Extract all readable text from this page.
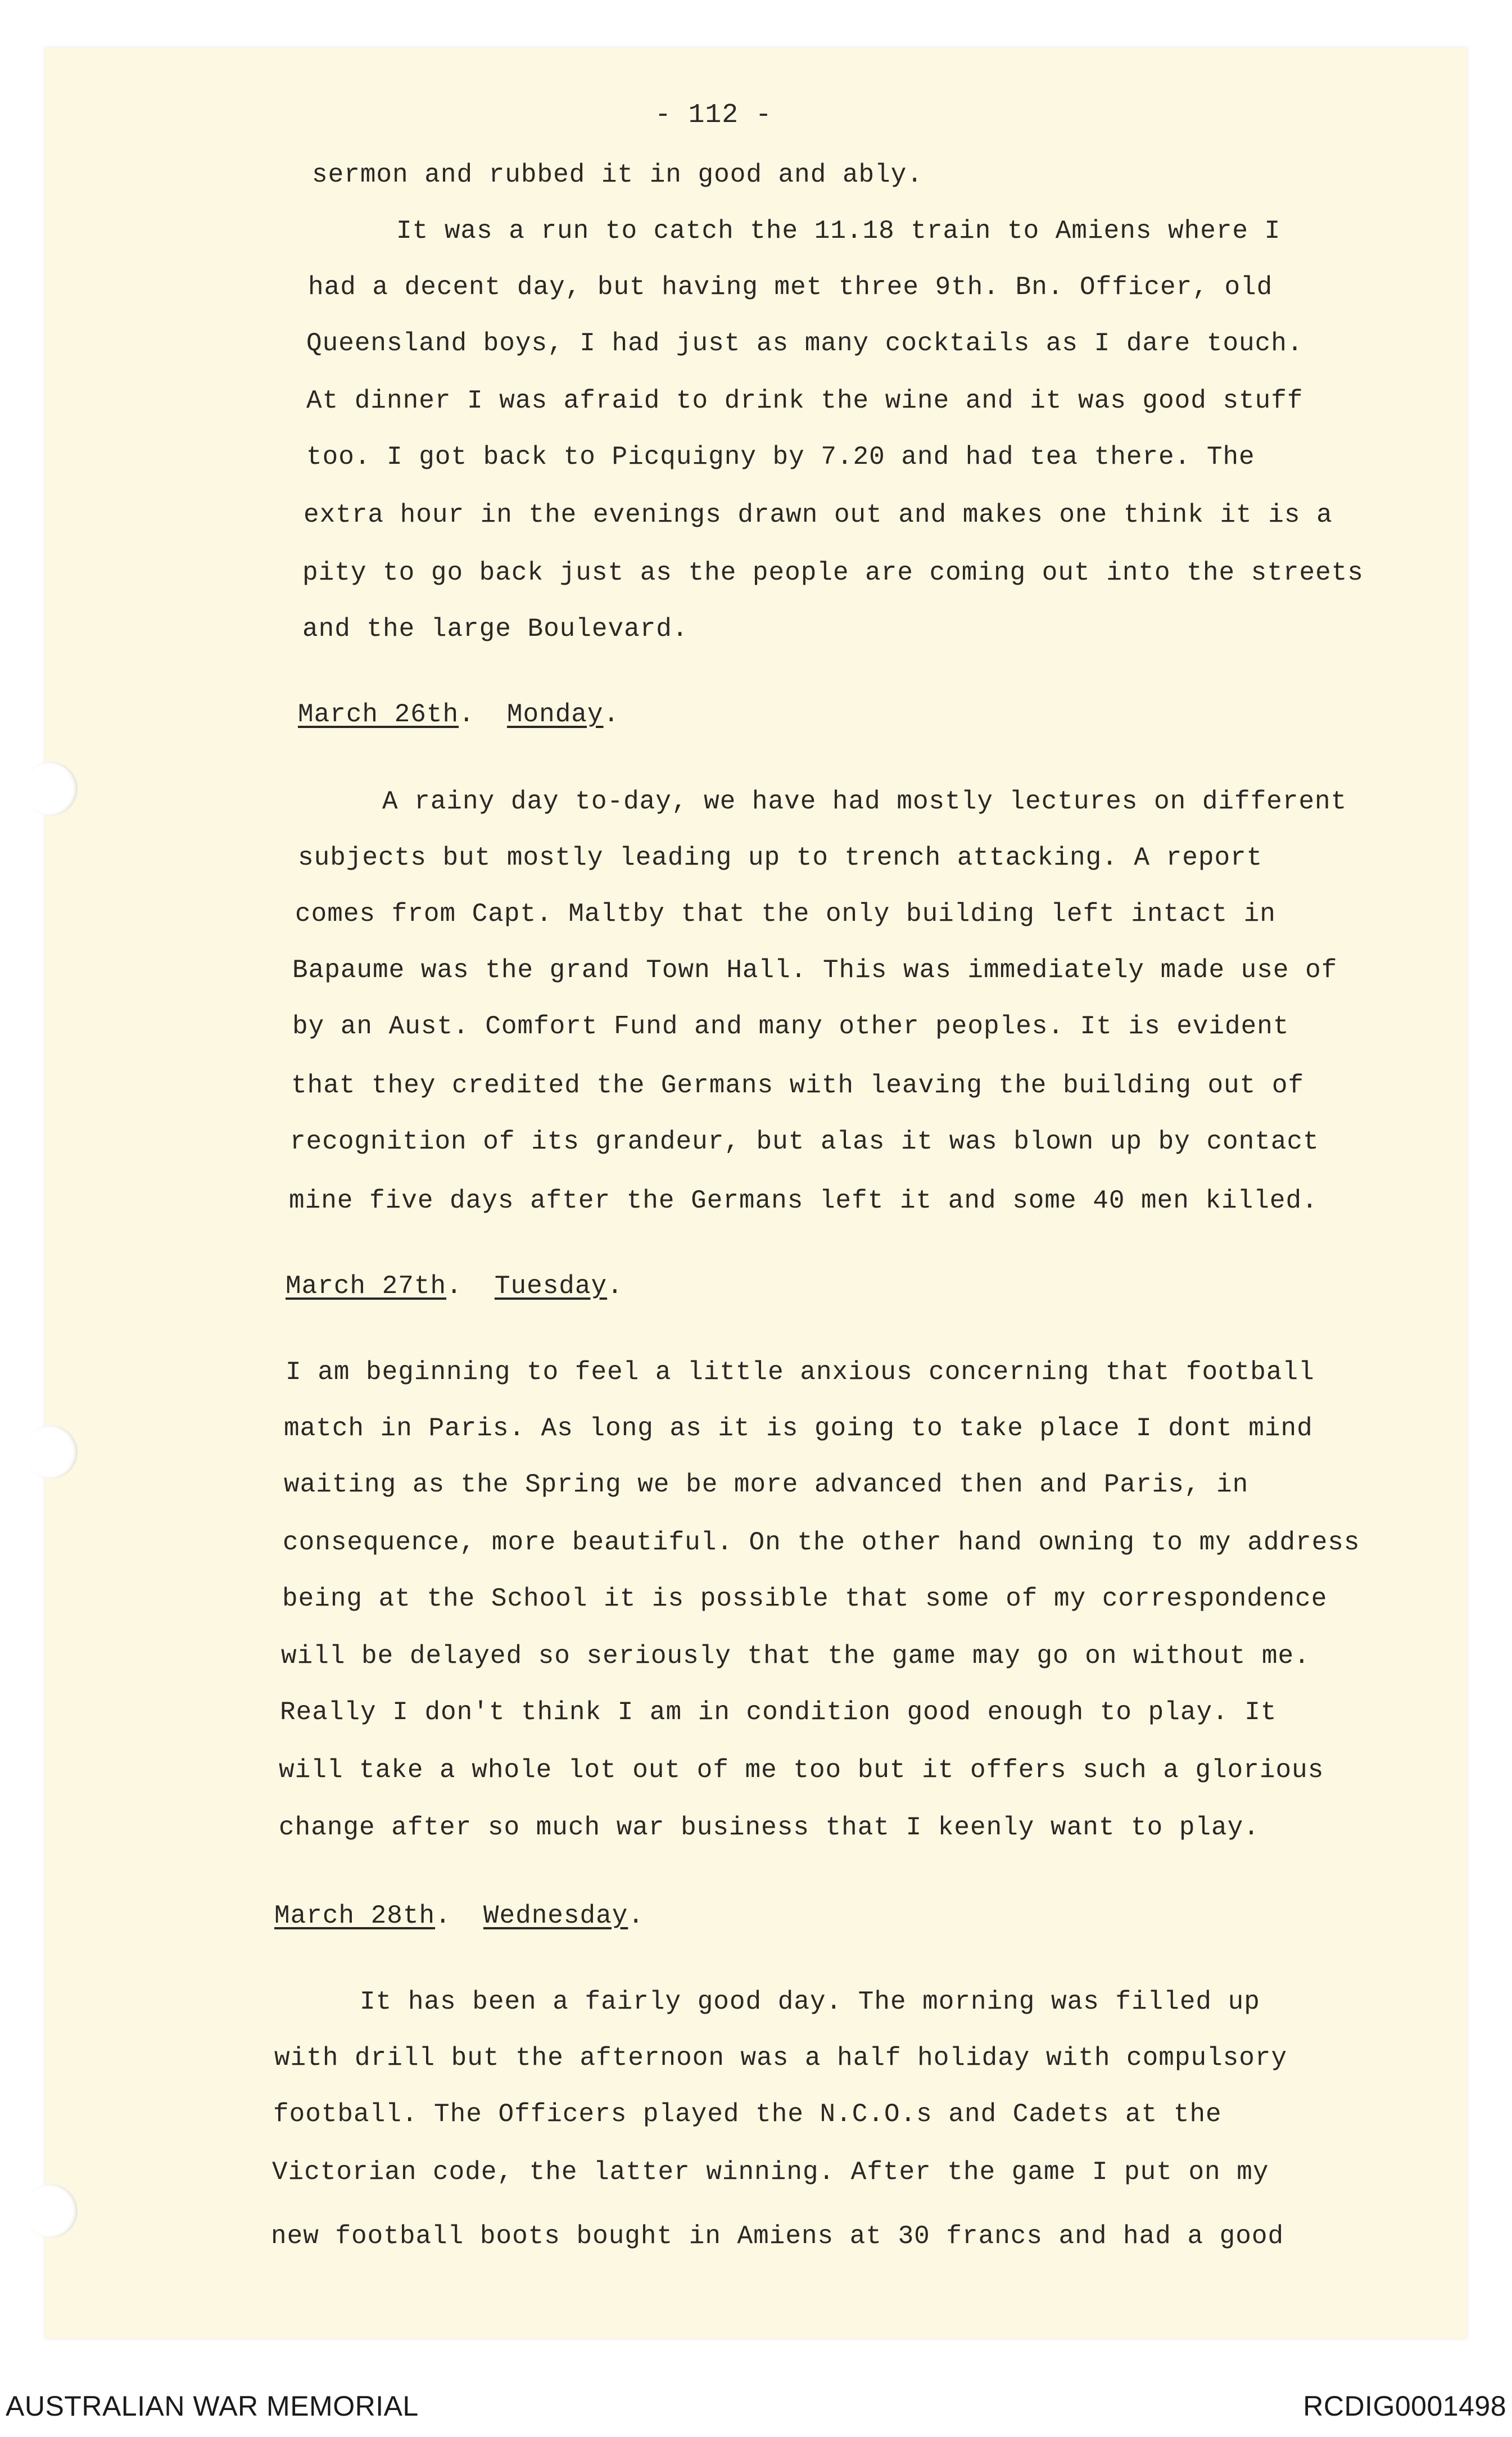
- 112 -
sermon and rubbed it in good and ably.
It was a run to catch the 11.18 train to Amiens where I
had a decent day, but having met three 9th. Bn. Officer, old
Queensland boys, I had just as many cocktails as I dare touch.
At dinner I was afraid to drink the wine and it was good stuff
too. I got back to Picquigny by 7.20 and had tea there. The
extra hour in the evenings drawn out and makes one think it is a
pity to go back just as the people are coming out into the streets
and the large Boulevard.
March 26th.  Monday.
A rainy day to-day, we have had mostly lectures on different
subjects but mostly leading up to trench attacking. A report
comes from Capt. Maltby that the only building left intact in
Bapaume was the grand Town Hall. This was immediately made use of
by an Aust. Comfort Fund and many other peoples. It is evident
that they credited the Germans with leaving the building out of
recognition of its grandeur, but alas it was blown up by contact
mine five days after the Germans left it and some 40 men killed.
March 27th.  Tuesday.
I am beginning to feel a little anxious concerning that football
match in Paris. As long as it is going to take place I dont mind
waiting as the Spring we be more advanced then and Paris, in
consequence, more beautiful. On the other hand owning to my address
being at the School it is possible that some of my correspondence
will be delayed so seriously that the game may go on without me.
Really I don't think I am in condition good enough to play. It
will take a whole lot out of me too but it offers such a glorious
change after so much war business that I keenly want to play.
March 28th.  Wednesday.
It has been a fairly good day. The morning was filled up
with drill but the afternoon was a half holiday with compulsory
football. The Officers played the N.C.O.s and Cadets at the
Victorian code, the latter winning. After the game I put on my
new football boots bought in Amiens at 30 francs and had a good
AUSTRALIAN WAR MEMORIAL	RCDIG0001498
